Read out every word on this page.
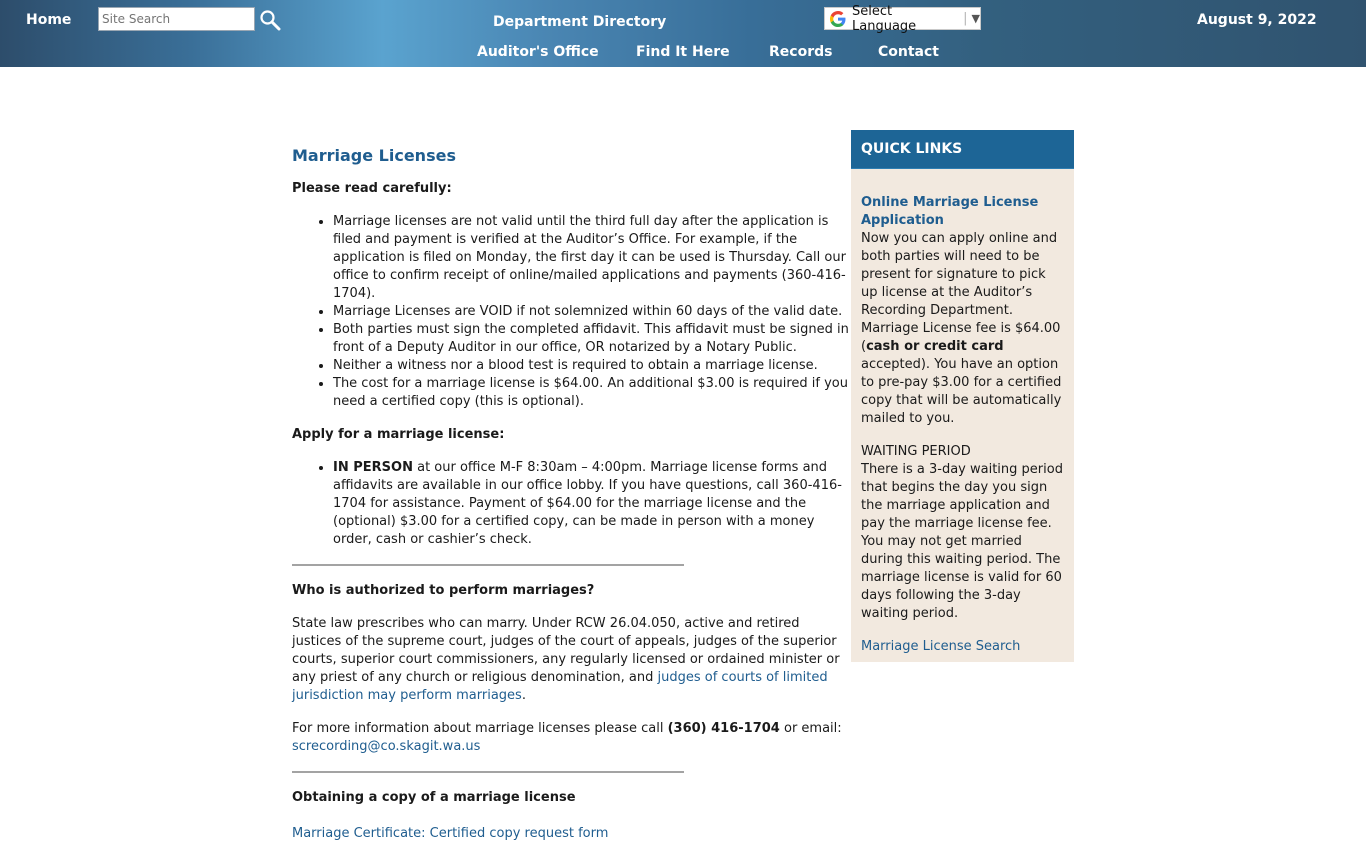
Home
Site Search	Department Directory
Select Language	| ▼	August 9, 2022
Auditor's Office	Find It Here	Records	Contact
Marriage Licenses

Please read carefully:

• Marriage licenses are not valid until the third full day after the application is filed and payment is verified at the Auditor’s Office. For example, if the application is filed on Monday, the first day it can be used is Thursday. Call our office to confirm receipt of online/mailed applications and payments (360-416-1704).
• Marriage Licenses are VOID if not solemnized within 60 days of the valid date.
• Both parties must sign the completed affidavit. This affidavit must be signed in front of a Deputy Auditor in our office, OR notarized by a Notary Public.
• Neither a witness nor a blood test is required to obtain a marriage license.
• The cost for a marriage license is $64.00. An additional $3.00 is required if you need a certified copy (this is optional).

Apply for a marriage license:

• IN PERSON at our office M-F 8:30am – 4:00pm. Marriage license forms and affidavits are available in our office lobby. If you have questions, call 360-416-1704 for assistance. Payment of $64.00 for the marriage license and the (optional) $3.00 for a certified copy, can be made in person with a money order, cash or cashier’s check.

Who is authorized to perform marriages?

State law prescribes who can marry. Under RCW 26.04.050, active and retired justices of the supreme court, judges of the court of appeals, judges of the superior courts, superior court commissioners, any regularly licensed or ordained minister or any priest of any church or religious denomination, and judges of courts of limited jurisdiction may perform marriages.

For more information about marriage licenses please call (360) 416-1704 or email: screcording@co.skagit.wa.us

Obtaining a copy of a marriage license

Marriage Certificate: Certified copy request form

QUICK LINKS

Online Marriage License Application
Now you can apply online and both parties will need to be present for signature to pick up license at the Auditor’s Recording Department.
Marriage License fee is $64.00 (cash or credit card accepted). You have an option to pre-pay $3.00 for a certified copy that will be automatically mailed to you.

WAITING PERIOD
There is a 3-day waiting period that begins the day you sign the marriage application and pay the marriage license fee. You may not get married during this waiting period. The marriage license is valid for 60 days following the 3-day waiting period.

Marriage License Search
